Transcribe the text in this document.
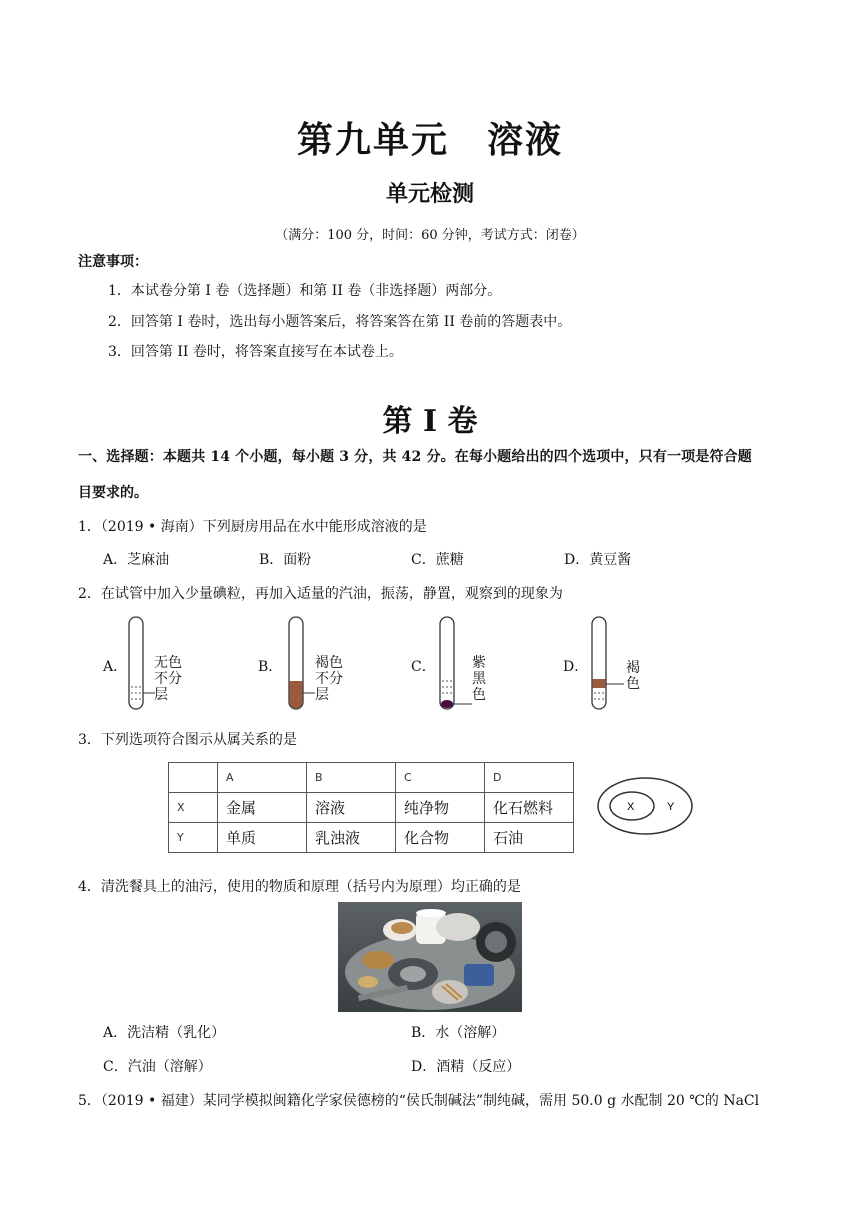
第九单元　溶液
单元检测
（满分：100 分，时间：60 分钟，考试方式：闭卷）
注意事项：
1．本试卷分第 I 卷（选择题）和第 II 卷（非选择题）两部分。
2．回答第 I 卷时，选出每小题答案后，将答案答在第 II 卷前的答题表中。
3．回答第 II 卷时，将答案直接写在本试卷上。
第 I 卷
一、选择题：本题共 14 个小题，每小题 3 分，共 42 分。在每小题给出的四个选项中，只有一项是符合题
目要求的。
1．（2019 • 海南）下列厨房用品在水中能形成溶液的是
A．芝麻油	B．面粉	C．蔗糖	D．黄豆酱
2．在试管中加入少量碘粒，再加入适量的汽油，振荡，静置，观察到的现象为
A． 无色
不分
层
B． 褐色
不分
层
C．	紫
黑
色
D．	褐
色
3．下列选项符合图示从属关系的是
	A	B	C	D
X	金属	溶液	纯净物	化石燃料
Y	单质	乳浊液	化合物	石油
X	Y
4．清洗餐具上的油污，使用的物质和原理（括号内为原理）均正确的是
A．洗洁精（乳化）	B．水（溶解）
C．汽油（溶解）	D．酒精（反应）
5．（2019 • 福建）某同学模拟闽籍化学家侯德榜的“侯氏制碱法”制纯碱，需用 50.0 g 水配制 20 ℃的 NaCl
